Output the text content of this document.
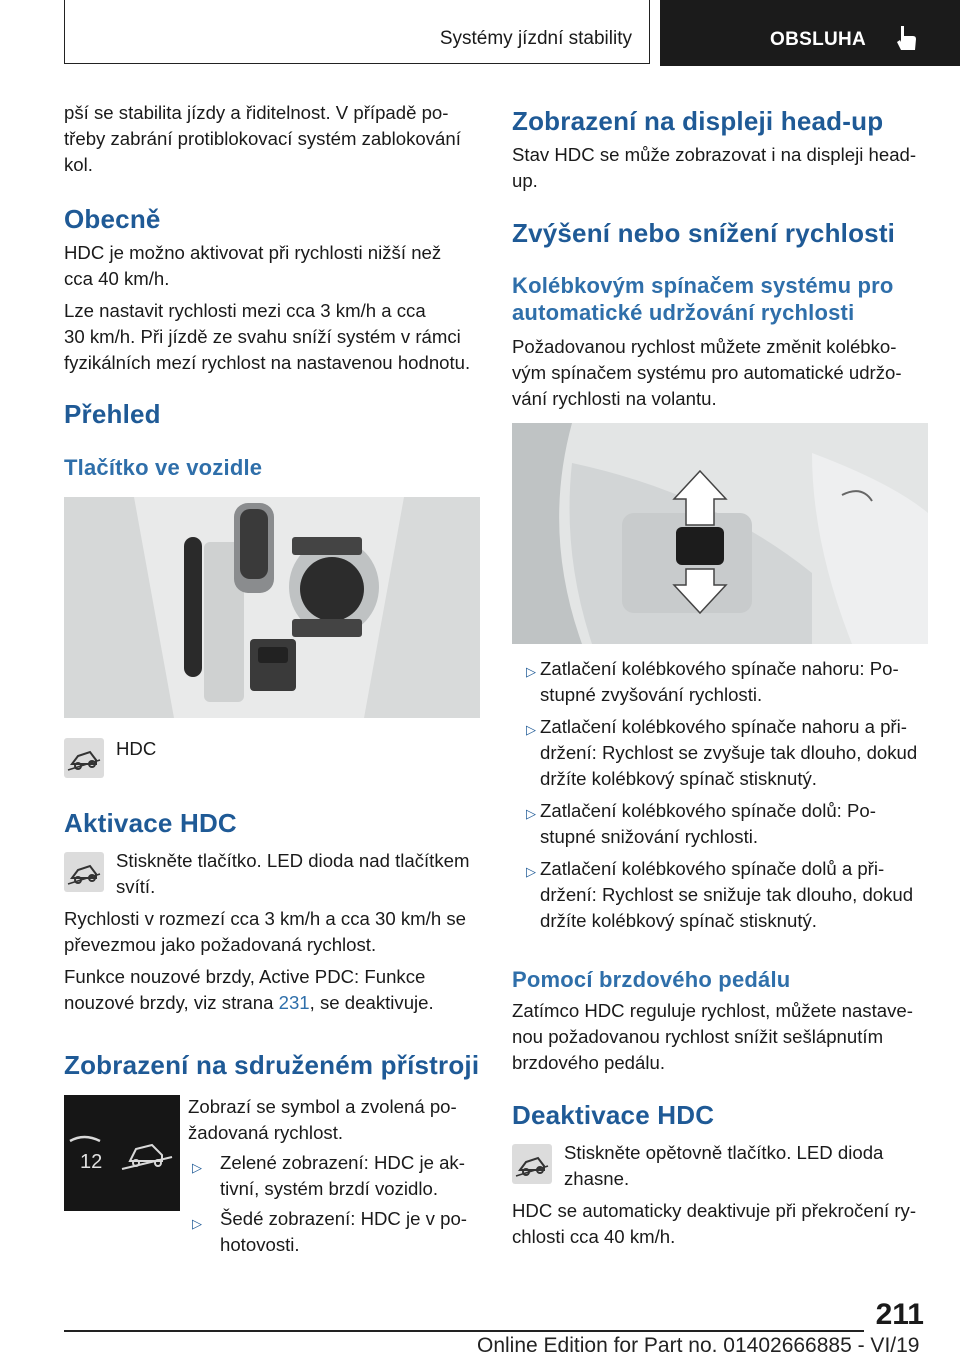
Systémy jízdní stability	OBSLUHA

pší se stabilita jízdy a řiditelnost. V případě po‐

třeby zabrání protiblokovací systém zablokování

kol.

Obecně

HDC je možno aktivovat při rychlosti nižší než

cca 40 km/h.

Lze nastavit rychlosti mezi cca 3 km/h a cca

30 km/h. Při jízdě ze svahu sníží systém v rámci

fyzikálních mezí rychlost na nastavenou hodnotu.

Přehled
Tlačítko ve vozidle
HDC
Aktivace HDC

Stiskněte tlačítko. LED dioda nad tlačítkem

svítí.

Rychlosti v rozmezí cca 3 km/h a cca 30 km/h se

převezmou jako požadovaná rychlost.

Funkce nouzové brzdy, Active PDC: Funkce

nouzové brzdy, viz strana 231, se deaktivuje.

Zobrazení na sdruženém přístroji
12

Zobrazí se symbol a zvolená po‐

žadovaná rychlost.

▷ Zelené zobrazení: HDC je ak‐

tivní, systém brzdí vozidlo.

▷ Šedé zobrazení: HDC je v po‐

hotovosti.

Zobrazení na displeji head-up

Stav HDC se může zobrazovat i na displeji head-

up.

Zvýšení nebo snížení rychlosti
Kolébkovým spínačem systému pro
automatické udržování rychlosti

Požadovanou rychlost můžete změnit kolébko‐

vým spínačem systému pro automatické udržo‐

vání rychlosti na volantu.

▷ Zatlačení kolébkového spínače nahoru: Po‐

stupné zvyšování rychlosti.

▷ Zatlačení kolébkového spínače nahoru a při‐

držení: Rychlost se zvyšuje tak dlouho, dokud

držíte kolébkový spínač stisknutý.

▷ Zatlačení kolébkového spínače dolů: Po‐

stupné snižování rychlosti.

▷ Zatlačení kolébkového spínače dolů a při‐

držení: Rychlost se snižuje tak dlouho, dokud

držíte kolébkový spínač stisknutý.

Pomocí brzdového pedálu

Zatímco HDC reguluje rychlost, můžete nastave‐

nou požadovanou rychlost snížit sešlápnutím

brzdového pedálu.

Deaktivace HDC

Stiskněte opětovně tlačítko. LED dioda

zhasne.

HDC se automaticky deaktivuje při překročení ry‐

chlosti cca 40 km/h.

211
Online Edition for Part no. 01402666885 - VI/19
